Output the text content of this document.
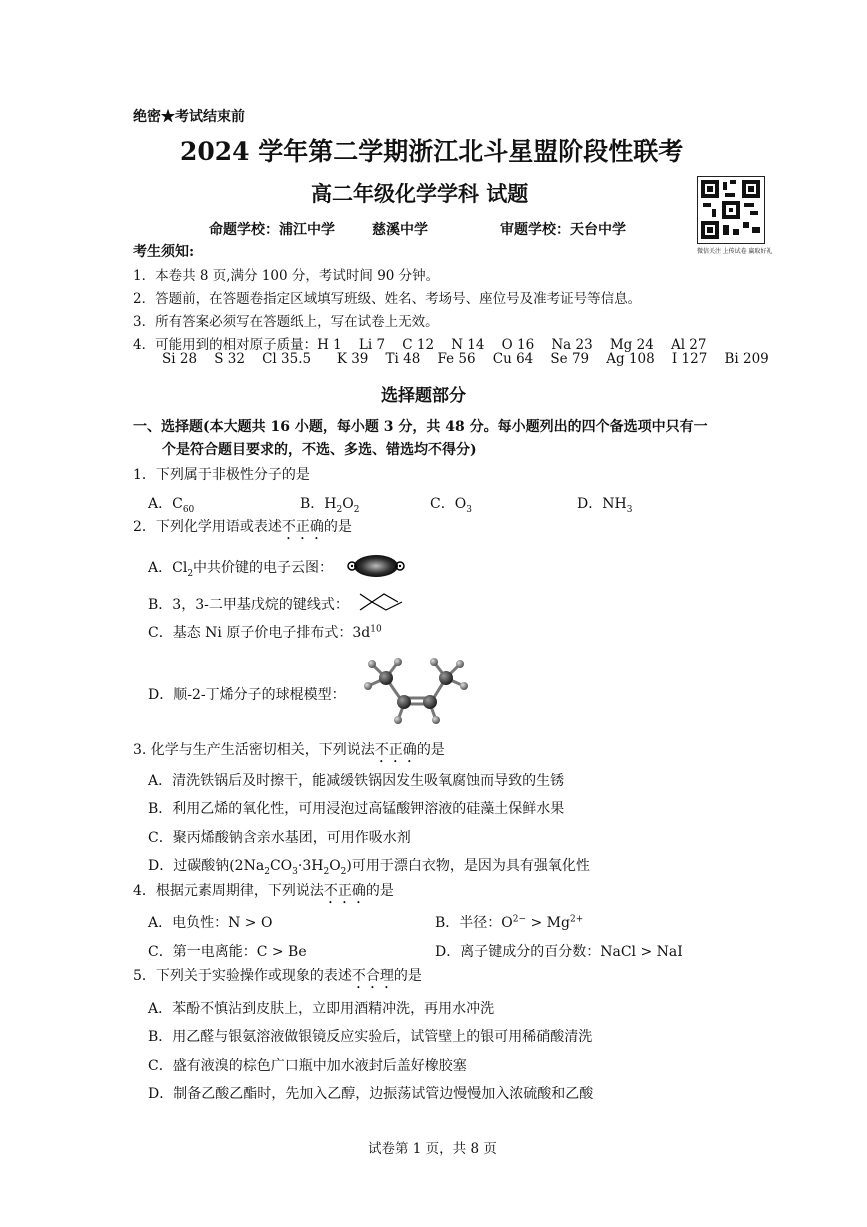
绝密★考试结束前
2024 学年第二学期浙江北斗星盟阶段性联考
高二年级化学学科 试题
命题学校：浦江中学	慈溪中学	审题学校：天台中学
微信关注 上传试卷 赢取好礼
考生须知:
1．本卷共 8 页,满分 100 分，考试时间 90 分钟。
2．答题前，在答题卷指定区域填写班级、姓名、考场号、座位号及准考证号等信息。
3．所有答案必须写在答题纸上，写在试卷上无效。
4．可能用到的相对原子质量：H 1    Li 7    C 12    N 14    O 16    Na 23    Mg 24    Al 27
Si 28    S 32    Cl 35.5      K 39    Ti 48    Fe 56    Cu 64    Se 79    Ag 108    I 127    Bi 209
选择题部分
一、选择题(本大题共 16 小题，每小题 3 分，共 48 分。每小题列出的四个备选项中只有一
个是符合题目要求的，不选、多选、错选均不得分)
1．下列属于非极性分子的是
A．$C_{60}$	B．$H_2O_2$	C．$O_3$	D．$NH_3$
2．下列化学用语或表述不正确的是
A．$Cl_2$中共价键的电子云图：
B．3，3-二甲基戊烷的键线式：
C．基态 Ni 原子价电子排布式：$3d^{10}$
D．顺-2-丁烯分子的球棍模型：
3. 化学与生产生活密切相关，下列说法不正确的是
A．清洗铁锅后及时擦干，能减缓铁锅因发生吸氧腐蚀而导致的生锈
B．利用乙烯的氧化性，可用浸泡过高锰酸钾溶液的硅藻土保鲜水果
C．聚丙烯酸钠含亲水基团，可用作吸水剂
D．过碳酸钠$(2Na_2CO_3\cdot 3H_2O_2)$可用于漂白衣物，是因为具有强氧化性
4．根据元素周期律，下列说法不正确的是
A．电负性：N > O	B．半径：$O^{2-} > Mg^{2+}$
C．第一电离能：C > Be	D．离子键成分的百分数：NaCl > NaI
5．下列关于实验操作或现象的表述不合理的是
A．苯酚不慎沾到皮肤上，立即用酒精冲洗，再用水冲洗
B．用乙醛与银氨溶液做银镜反应实验后，试管壁上的银可用稀硝酸清洗
C．盛有液溴的棕色广口瓶中加水液封后盖好橡胶塞
D．制备乙酸乙酯时，先加入乙醇，边振荡试管边慢慢加入浓硫酸和乙酸
试卷第 1 页，共 8 页
